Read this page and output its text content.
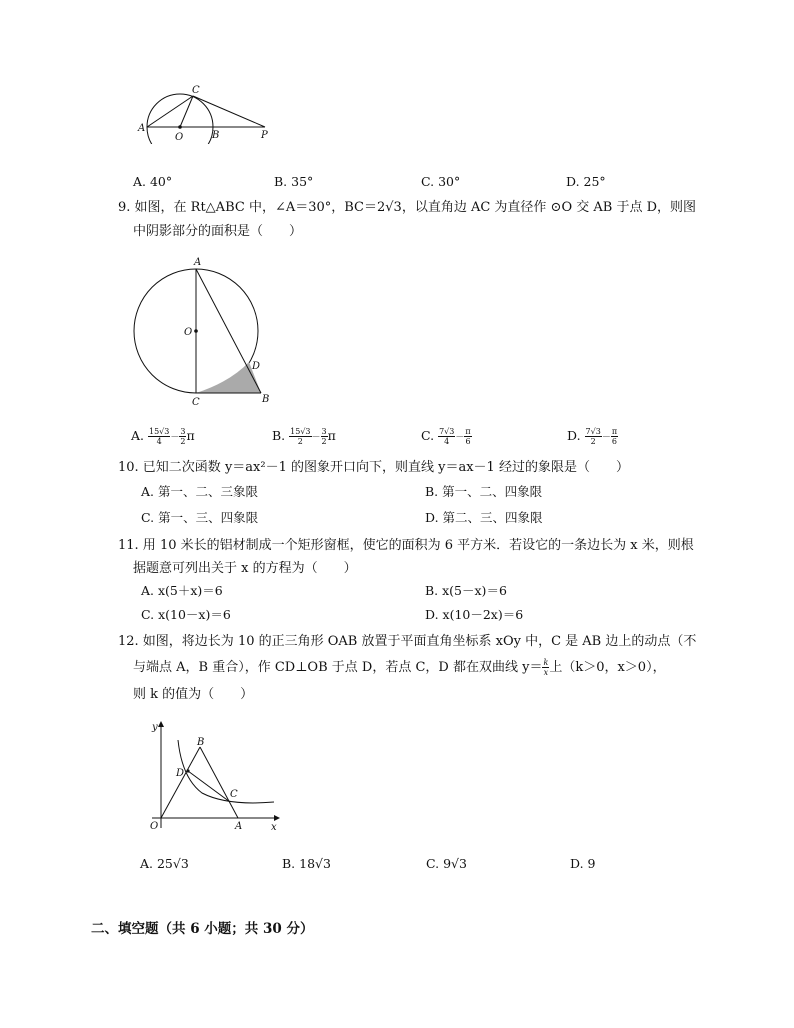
C
A
O	B	P
A. 40°	B. 35°	C. 30°	D. 25°
9. 如图，在 Rt△ABC 中，∠A＝30°，BC＝2√3，以直角边 AC 为直径作 ⊙O 交 AB 于点 D，则图
中阴影部分的面积是（　　）
A
O
D
C	B
A. $\frac{15√3}{4} - \frac{3}{2}$ π	B. $\frac{15√3}{2} - \frac{3}{2}$ π	C. $\frac{7√3}{4} - \frac{\pi}{6}$	D. $\frac{7√3}{2} - \frac{\pi}{6}$
10. 已知二次函数 y＝ax²－1 的图象开口向下，则直线 y＝ax－1 经过的象限是（　　）
A. 第一、二、三象限	B. 第一、二、四象限
C. 第一、三、四象限	D. 第二、三、四象限
11. 用 10 米长的铝材制成一个矩形窗框，使它的面积为 6 平方米．若设它的一条边长为 x 米，则根
据题意可列出关于 x 的方程为（　　）
A. x(5＋x)＝6	B. x(5－x)＝6
C. x(10－x)＝6	D. x(10－2x)＝6
12. 如图，将边长为 10 的正三角形 OAB 放置于平面直角坐标系 xOy 中，C 是 AB 边上的动点（不
与端点 A，B 重合），作 CD⊥OB 于点 D，若点 C，D 都在双曲线 $y= \frac{k}{x}$ 上（k＞0，x＞0），
则 k 的值为（　　）
y
B
D
C
O	A	x
A. 25√3	B. 18√3	C. 9√3	D. 9
二、填空题（共 6 小题；共 30 分）
